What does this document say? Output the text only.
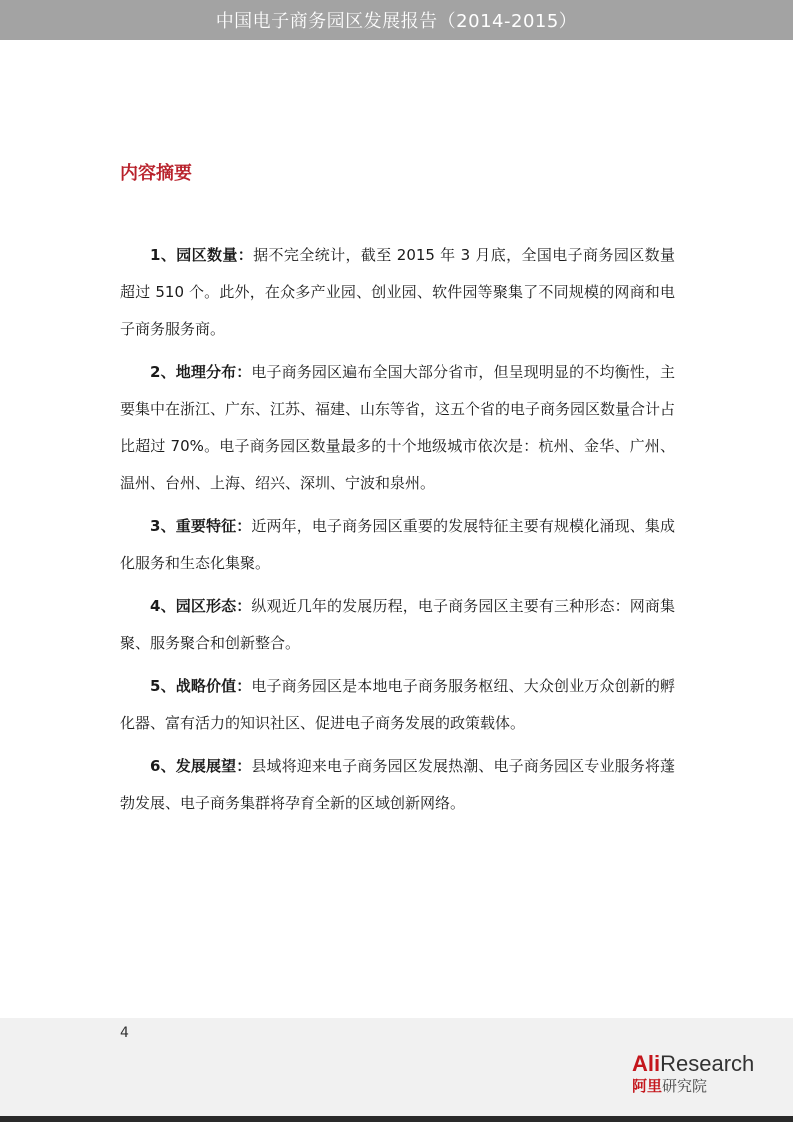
中国电子商务园区发展报告（2014-2015）
内容摘要

1、园区数量：据不完全统计，截至 2015 年 3 月底，全国电子商务园区数量超过 510 个。此外，在众多产业园、创业园、软件园等聚集了不同规模的网商和电子商务服务商。

2、地理分布：电子商务园区遍布全国大部分省市，但呈现明显的不均衡性，主要集中在浙江、广东、江苏、福建、山东等省，这五个省的电子商务园区数量合计占比超过 70%。电子商务园区数量最多的十个地级城市依次是：杭州、金华、广州、温州、台州、上海、绍兴、深圳、宁波和泉州。

3、重要特征：近两年，电子商务园区重要的发展特征主要有规模化涌现、集成化服务和生态化集聚。

4、园区形态：纵观近几年的发展历程，电子商务园区主要有三种形态：网商集聚、服务聚合和创新整合。

5、战略价值：电子商务园区是本地电子商务服务枢纽、大众创业万众创新的孵化器、富有活力的知识社区、促进电子商务发展的政策载体。

6、发展展望：县域将迎来电子商务园区发展热潮、电子商务园区专业服务将蓬勃发展、电子商务集群将孕育全新的区域创新网络。

4
AliResearch
阿里研究院
